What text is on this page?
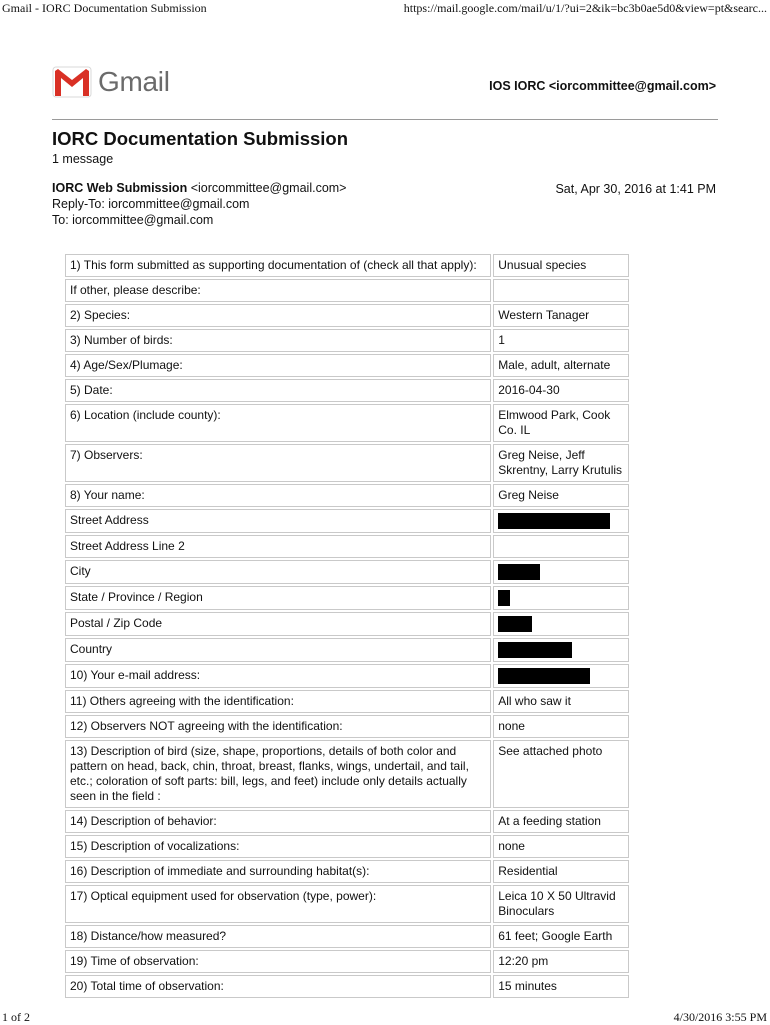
Gmail - IORC Documentation Submission	https://mail.google.com/mail/u/1/?ui=2&ik=bc3b0ae5d0&view=pt&searc...
Gmail	IOS IORC <iorcommittee@gmail.com>
IORC Documentation Submission
1 message
IORC Web Submission <iorcommittee@gmail.com>
Reply-To: iorcommittee@gmail.com
To: iorcommittee@gmail.com
Sat, Apr 30, 2016 at 1:41 PM
1) This form submitted as supporting documentation of (check all that apply):	Unusual species
If other, please describe:	
2) Species:	Western Tanager
3) Number of birds:	1
4) Age/Sex/Plumage:	Male, adult, alternate
5) Date:	2016-04-30
6) Location (include county):	Elmwood Park, Cook Co. IL
7) Observers:	Greg Neise, Jeff Skrentny, Larry Krutulis
8) Your name:	Greg Neise
Street Address	
Street Address Line 2	
City	
State / Province / Region	
Postal / Zip Code	
Country	
10) Your e-mail address:	
11) Others agreeing with the identification:	All who saw it
12) Observers NOT agreeing with the identification:	none
13) Description of bird (size, shape, proportions, details of both color and pattern on head, back, chin, throat, breast, flanks, wings, undertail, and tail, etc.; coloration of soft parts: bill, legs, and feet) include only details actually seen in the field :	See attached photo
14) Description of behavior:	At a feeding station
15) Description of vocalizations:	none
16) Description of immediate and surrounding habitat(s):	Residential
17) Optical equipment used for observation (type, power):	Leica 10 X 50 Ultravid Binoculars
18) Distance/how measured?	61 feet; Google Earth
19) Time of observation:	12:20 pm
20) Total time of observation:	15 minutes
1 of 2	4/30/2016 3:55 PM
